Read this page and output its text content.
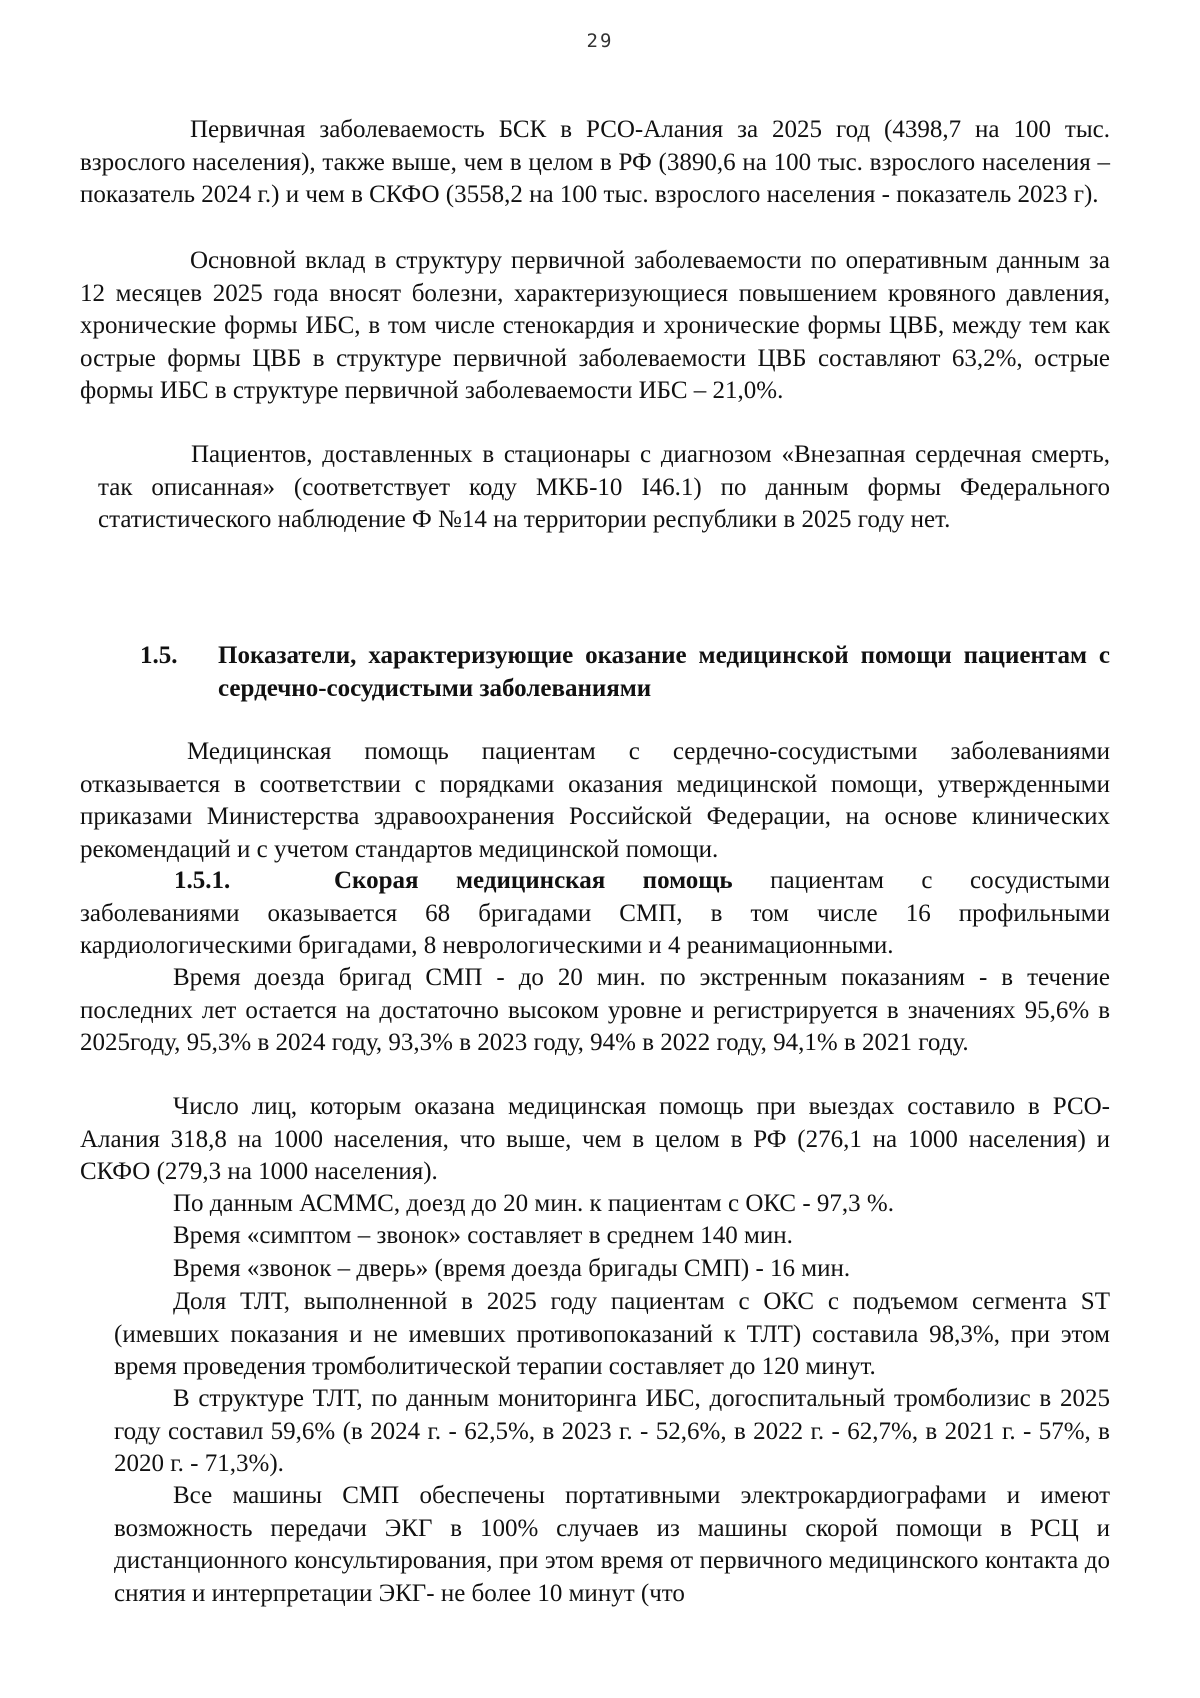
29

Первичная заболеваемость БСК в РСО-Алания за 2025 год (4398,7 на 100 тыс. взрослого населения), также выше, чем в целом в РФ (3890,6 на 100 тыс. взрослого населения – показатель 2024 г.) и чем в СКФО (3558,2 на 100 тыс. взрослого населения - показатель 2023 г).

Основной вклад в структуру первичной заболеваемости по оперативным данным за 12 месяцев 2025 года вносят болезни, характеризующиеся повышением кровяного давления, хронические формы ИБС, в том числе стенокардия и хронические формы ЦВБ, между тем как острые формы ЦВБ в структуре первичной заболеваемости ЦВБ составляют 63,2%, острые формы ИБС в структуре первичной заболеваемости ИБС – 21,0%.

Пациентов, доставленных в стационары с диагнозом «Внезапная сердечная смерть, так описанная» (соответствует коду МКБ-10 I46.1) по данным формы Федерального статистического наблюдение Ф №14 на территории республики в 2025 году нет.

1.5. Показатели, характеризующие оказание медицинской помощи пациентам с сердечно-сосудистыми заболеваниями

Медицинская помощь пациентам с сердечно-сосудистыми заболеваниями отказывается в соответствии с порядками оказания медицинской помощи, утвержденными приказами Министерства здравоохранения Российской Федерации, на основе клинических рекомендаций и с учетом стандартов медицинской помощи.

1.5.1.	Скорая медицинская помощь пациентам с сосудистыми заболеваниями оказывается 68 бригадами СМП, в том числе 16 профильными кардиологическими бригадами, 8 неврологическими и 4 реанимационными.

Время доезда бригад СМП - до 20 мин. по экстренным показаниям - в течение последних лет остается на достаточно высоком уровне и регистрируется в значениях 95,6% в 2025году, 95,3% в 2024 году, 93,3% в 2023 году, 94% в 2022 году, 94,1% в 2021 году.

Число лиц, которым оказана медицинская помощь при выездах составило в РСО-Алания 318,8 на 1000 населения, что выше, чем в целом в РФ (276,1 на 1000 населения) и СКФО (279,3 на 1000 населения).

По данным АСММС, доезд до 20 мин. к пациентам с ОКС - 97,3 %.
Время «симптом – звонок» составляет в среднем 140 мин.
Время «звонок – дверь» (время доезда бригады СМП) - 16 мин.

Доля ТЛТ, выполненной в 2025 году пациентам с ОКС с подъемом сегмента ST (имевших показания и не имевших противопоказаний к ТЛТ) составила 98,3%, при этом время проведения тромболитической терапии составляет до 120 минут.

В структуре ТЛТ, по данным мониторинга ИБС, догоспитальный тромболизис в 2025 году составил 59,6% (в 2024 г. - 62,5%, в 2023 г. - 52,6%, в 2022 г. - 62,7%, в 2021 г. - 57%, в 2020 г. - 71,3%).

Все машины СМП обеспечены портативными электрокардиографами и имеют возможность передачи ЭКГ в 100% случаев из машины скорой помощи в РСЦ и дистанционного консультирования, при этом время от первичного медицинского контакта до снятия и интерпретации ЭКГ- не более 10 минут (что
